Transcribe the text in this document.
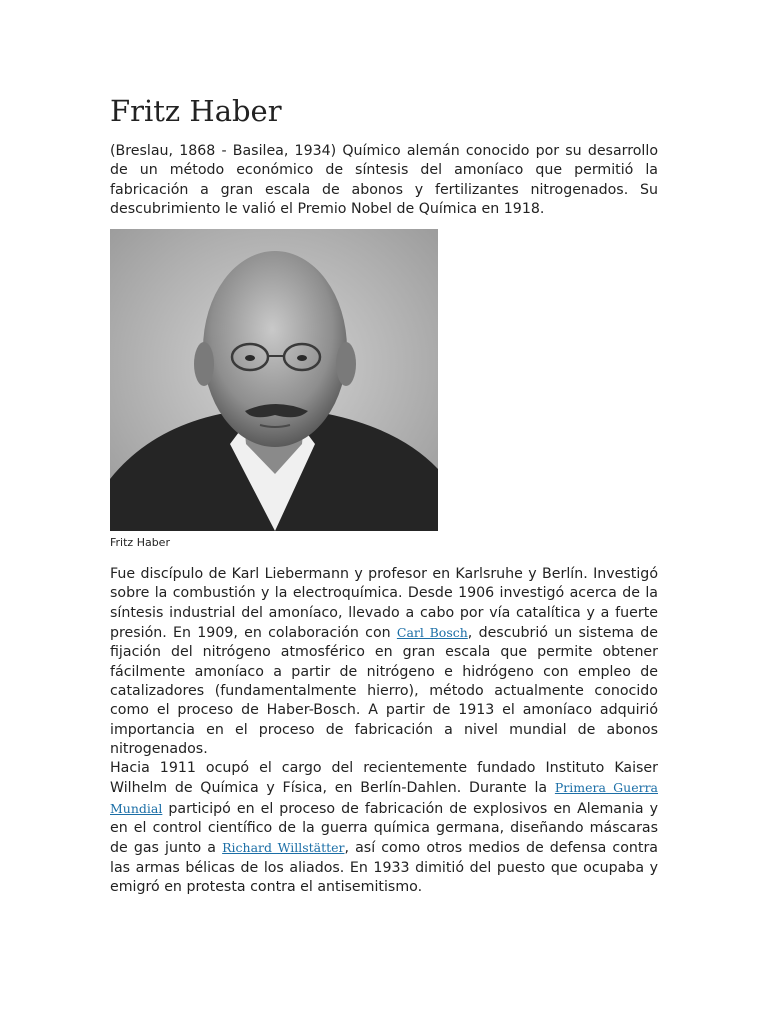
Fritz Haber

(Breslau, 1868 - Basilea, 1934) Químico alemán conocido por su desarrollo de un método económico de síntesis del amoníaco que permitió la fabricación a gran escala de abonos y fertilizantes nitrogenados. Su descubrimiento le valió el Premio Nobel de Química en 1918.

Fritz Haber

Fue discípulo de Karl Liebermann y profesor en Karlsruhe y Berlín. Investigó sobre la combustión y la electroquímica. Desde 1906 investigó acerca de la síntesis industrial del amoníaco, llevado a cabo por vía catalítica y a fuerte presión. En 1909, en colaboración con Carl Bosch, descubrió un sistema de fijación del nitrógeno atmosférico en gran escala que permite obtener fácilmente amoníaco a partir de nitrógeno e hidrógeno con empleo de catalizadores (fundamentalmente hierro), método actualmente conocido como el proceso de Haber-Bosch. A partir de 1913 el amoníaco adquirió importancia en el proceso de fabricación a nivel mundial de abonos nitrogenados.

Hacia 1911 ocupó el cargo del recientemente fundado Instituto Kaiser Wilhelm de Química y Física, en Berlín-Dahlen. Durante la Primera Guerra Mundial participó en el proceso de fabricación de explosivos en Alemania y en el control científico de la guerra química germana, diseñando máscaras de gas junto a Richard Willstätter, así como otros medios de defensa contra las armas bélicas de los aliados. En 1933 dimitió del puesto que ocupaba y emigró en protesta contra el antisemitismo.
